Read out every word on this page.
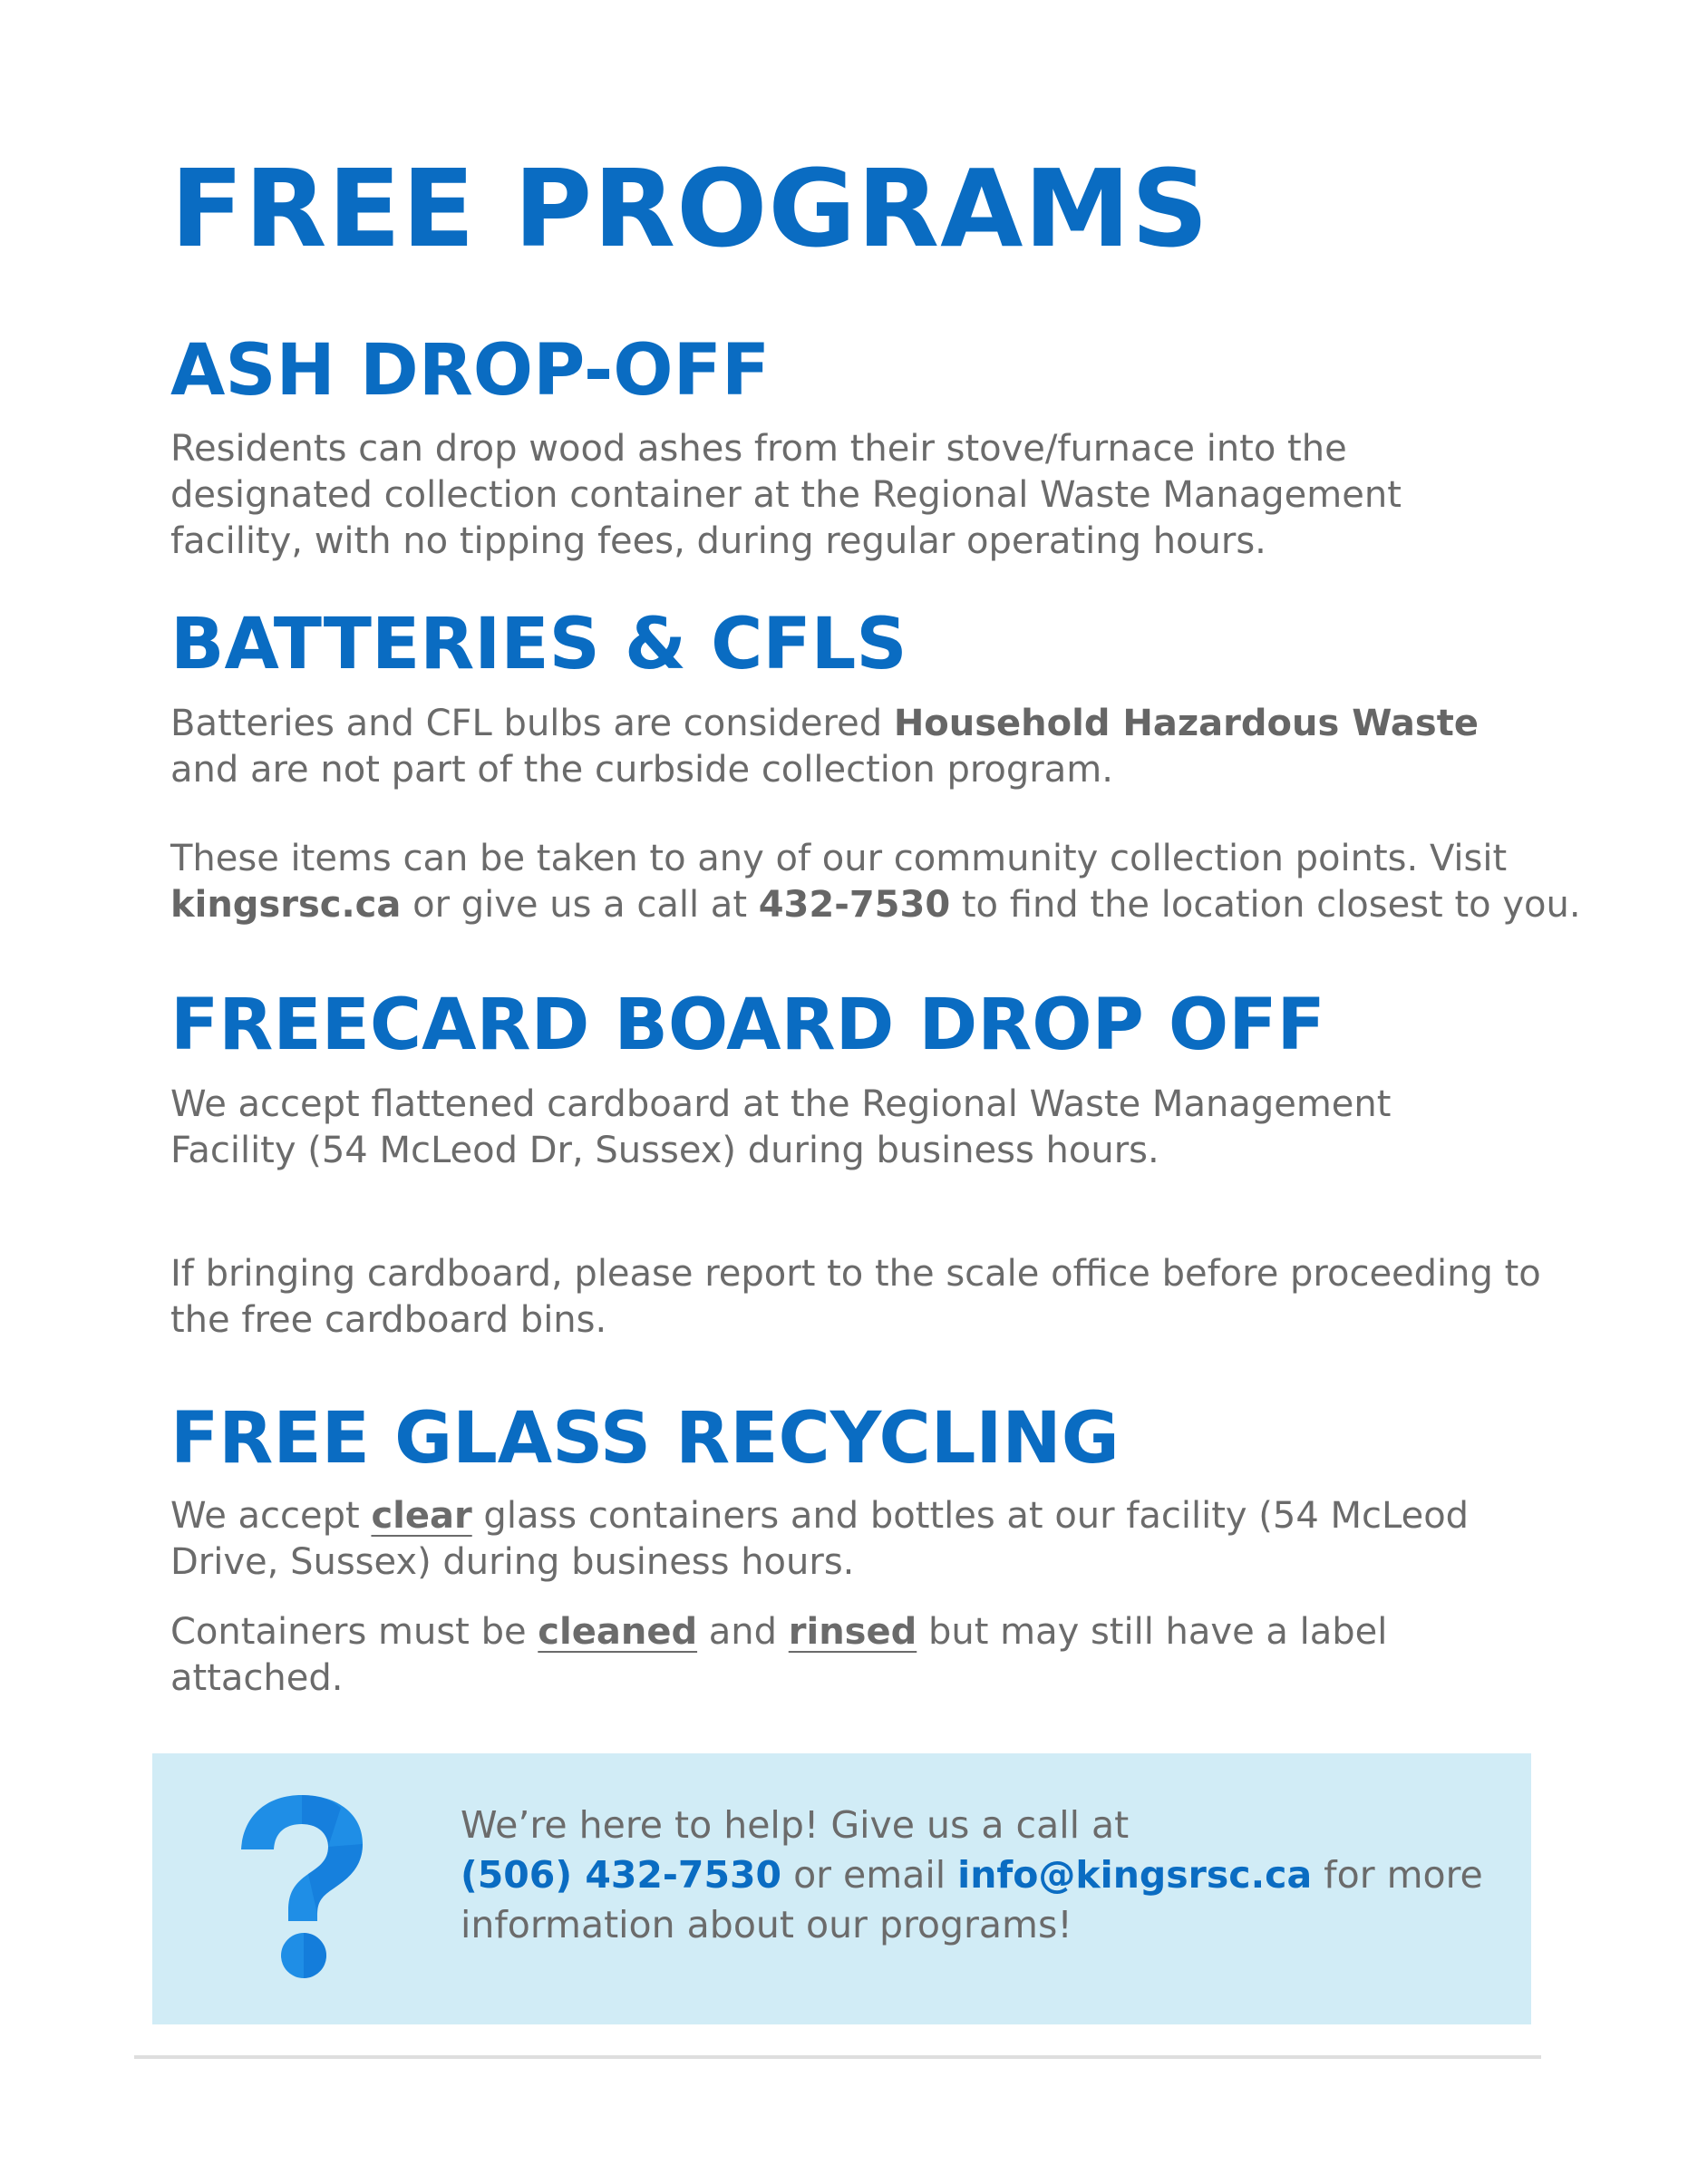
FREE PROGRAMS
ASH DROP-OFF

Residents can drop wood ashes from their stove/furnace into the designated collection container at the Regional Waste Management facility, with no tipping fees, during regular operating hours.

BATTERIES & CFLS

Batteries and CFL bulbs are considered Household Hazardous Waste and are not part of the curbside collection program.

These items can be taken to any of our community collection points. Visit kingsrsc.ca or give us a call at 432-7530 to find the location closest to you.

FREECARD BOARD DROP OFF

We accept flattened cardboard at the Regional Waste Management Facility (54 McLeod Dr, Sussex) during business hours.

If bringing cardboard, please report to the scale office before proceeding to the free cardboard bins.

FREE GLASS RECYCLING

We accept clear glass containers and bottles at our facility (54 McLeod Drive, Sussex) during business hours.

Containers must be cleaned and rinsed but may still have a label attached.

We’re here to help! Give us a call at
(506) 432-7530 or email info@kingsrsc.ca for more information about our programs!
